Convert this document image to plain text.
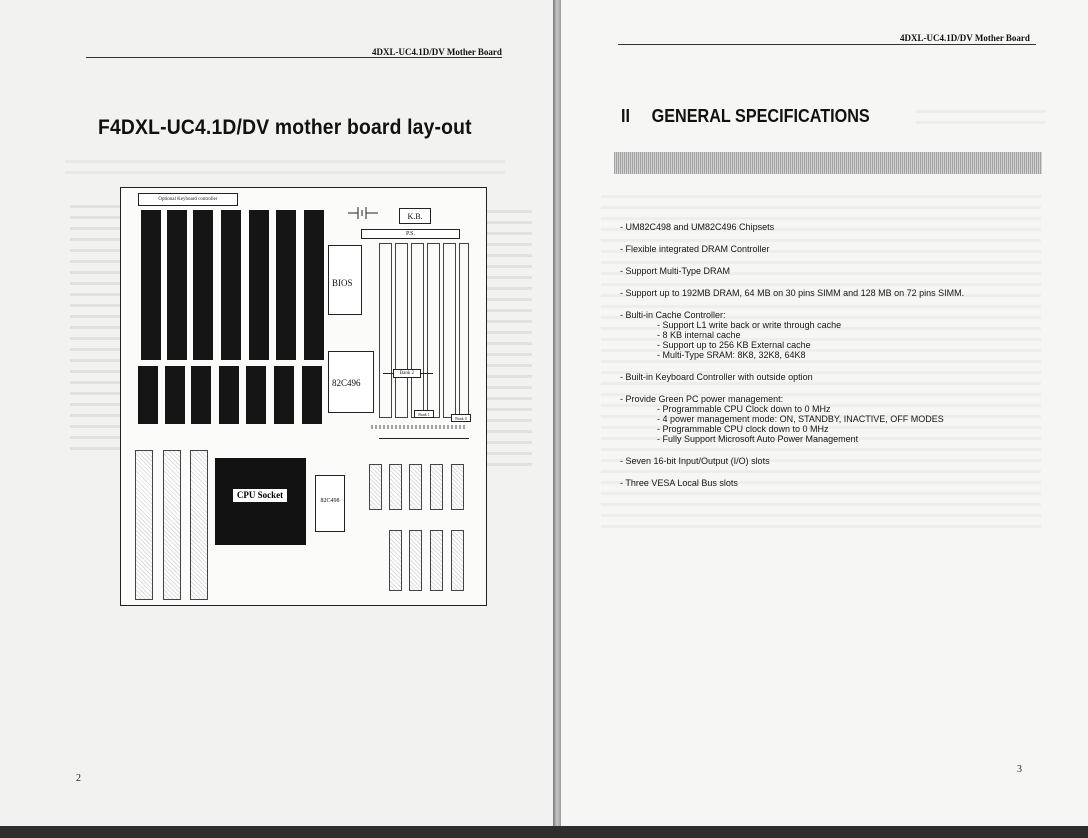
4DXL-UC4.1D/DV Mother Board
F4DXL-UC4.1D/DV mother board lay-out
Optional Keyboard controller
K.B.
P.S.
BIOS
82C496
Bank 2
Bank 1
Bank 0
CPU Socket
82C498
2
4DXL-UC4.1D/DV Mother Board
3
II GENERAL SPECIFICATIONS
- UM82C498 and UM82C496 Chipsets
- Flexible integrated DRAM Controller
- Support Multi-Type DRAM
- Support up to 192MB DRAM, 64 MB on 30 pins SIMM and 128 MB on 72 pins SIMM.
- Bulti-in Cache Controller:
- Support L1 write back or write through cache
- 8 KB internal cache
- Support up to 256 KB External cache
- Multi-Type SRAM: 8K8, 32K8, 64K8
- Built-in Keyboard Controller with outside option
- Provide Green PC power management:
- Programmable CPU Clock down to 0 MHz
- 4 power management mode: ON, STANDBY, INACTIVE, OFF MODES
- Programmable CPU clock down to 0 MHz
- Fully Support Microsoft Auto Power Management
- Seven 16-bit Input/Output (I/O) slots
- Three VESA Local Bus slots
